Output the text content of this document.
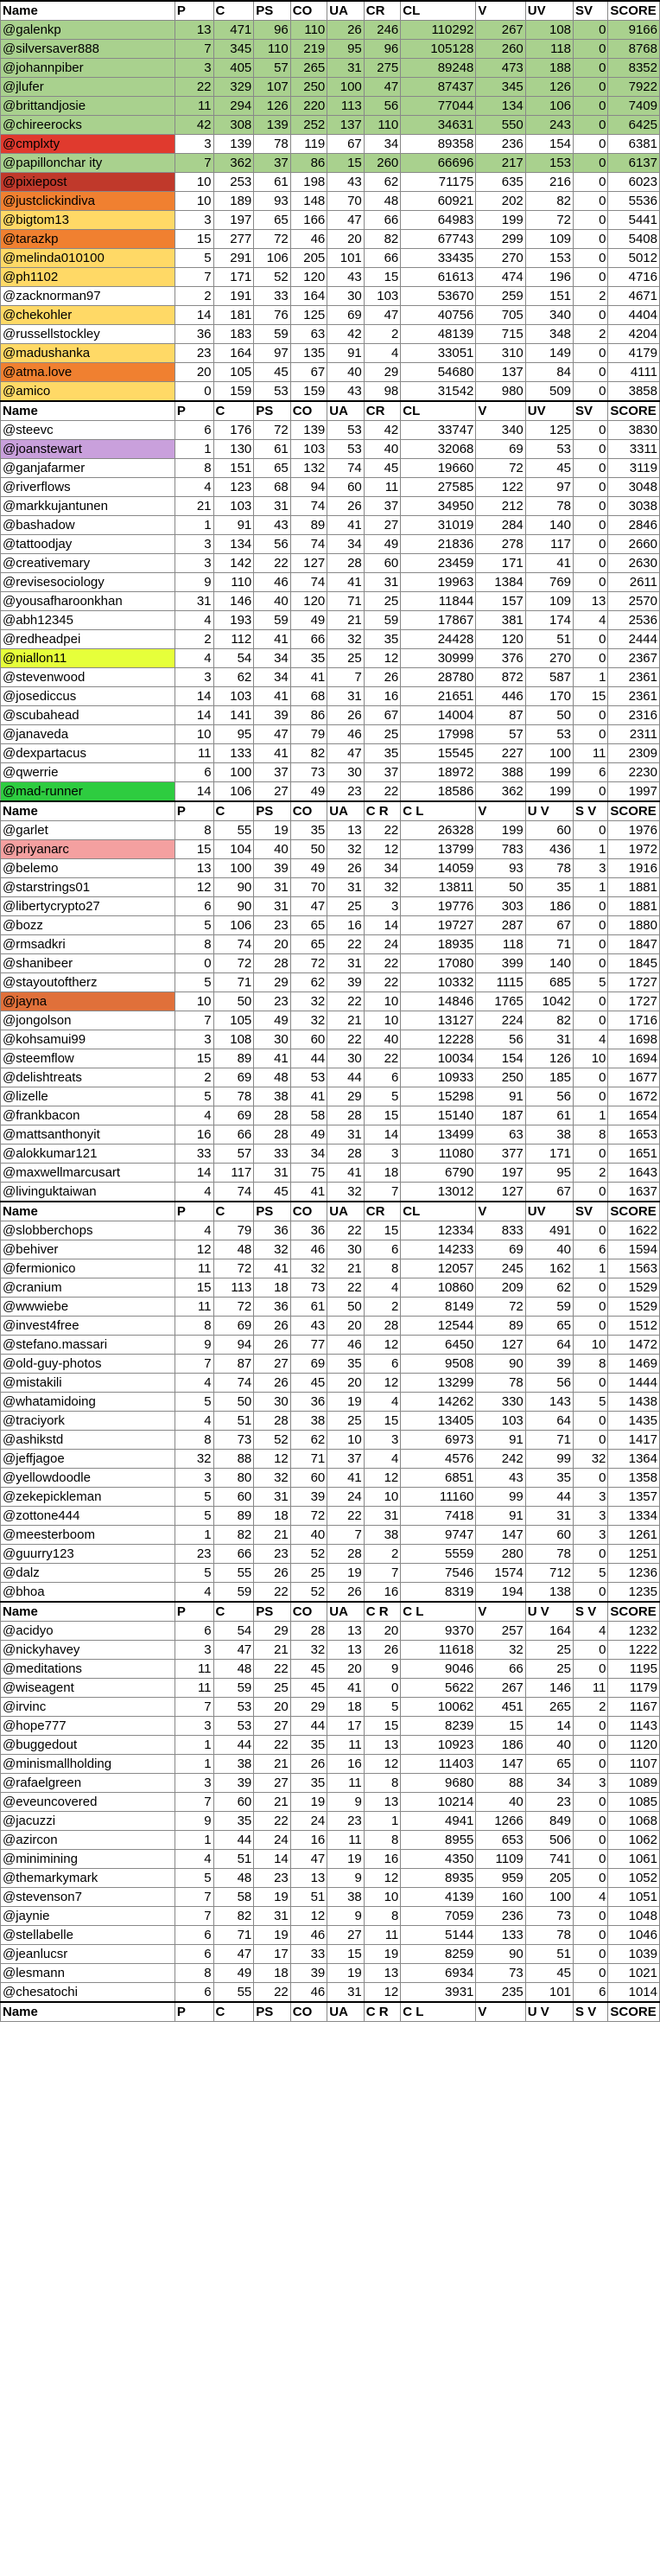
Name	P	C	PS	CO	UA	CR	CL	V	UV	SV	SCORE
@galenkp	13	471	96	110	26	246	110292	267	108	0	9166
@silversaver888	7	345	110	219	95	96	105128	260	118	0	8768
@johannpiber	3	405	57	265	31	275	89248	473	188	0	8352
@jlufer	22	329	107	250	100	47	87437	345	126	0	7922
@brittandjosie	11	294	126	220	113	56	77044	134	106	0	7409
@chireerocks	42	308	139	252	137	110	34631	550	243	0	6425
@cmplxty	3	139	78	119	67	34	89358	236	154	0	6381
@papillonchar ity	7	362	37	86	15	260	66696	217	153	0	6137
@pixiepost	10	253	61	198	43	62	71175	635	216	0	6023
@justclickindiva	10	189	93	148	70	48	60921	202	82	0	5536
@bigtom13	3	197	65	166	47	66	64983	199	72	0	5441
@tarazkp	15	277	72	46	20	82	67743	299	109	0	5408
@melinda010100	5	291	106	205	101	66	33435	270	153	0	5012
@ph1102	7	171	52	120	43	15	61613	474	196	0	4716
@zacknorman97	2	191	33	164	30	103	53670	259	151	2	4671
@chekohler	14	181	76	125	69	47	40756	705	340	0	4404
@russellstockley	36	183	59	63	42	2	48139	715	348	2	4204
@madushanka	23	164	97	135	91	4	33051	310	149	0	4179
@atma.love	20	105	45	67	40	29	54680	137	84	0	4111
@amico	0	159	53	159	43	98	31542	980	509	0	3858
Name	P	C	PS	CO	UA	CR	CL	V	UV	SV	SCORE
@steevc	6	176	72	139	53	42	33747	340	125	0	3830
@joanstewart	1	130	61	103	53	40	32068	69	53	0	3311
@ganjafarmer	8	151	65	132	74	45	19660	72	45	0	3119
@riverflows	4	123	68	94	60	11	27585	122	97	0	3048
@markkujantunen	21	103	31	74	26	37	34950	212	78	0	3038
@bashadow	1	91	43	89	41	27	31019	284	140	0	2846
@tattoodjay	3	134	56	74	34	49	21836	278	117	0	2660
@creativemary	3	142	22	127	28	60	23459	171	41	0	2630
@revisesociology	9	110	46	74	41	31	19963	1384	769	0	2611
@yousafharoonkhan	31	146	40	120	71	25	11844	157	109	13	2570
@abh12345	4	193	59	49	21	59	17867	381	174	4	2536
@redheadpei	2	112	41	66	32	35	24428	120	51	0	2444
@niallon11	4	54	34	35	25	12	30999	376	270	0	2367
@stevenwood	3	62	34	41	7	26	28780	872	587	1	2361
@josediccus	14	103	41	68	31	16	21651	446	170	15	2361
@scubahead	14	141	39	86	26	67	14004	87	50	0	2316
@janaveda	10	95	47	79	46	25	17998	57	53	0	2311
@dexpartacus	11	133	41	82	47	35	15545	227	100	11	2309
@qwerrie	6	100	37	73	30	37	18972	388	199	6	2230
@mad-runner	14	106	27	49	23	22	18586	362	199	0	1997
Name	P	C	PS	CO	UA	C R	C L	V	U V	S V	SCORE
@garlet	8	55	19	35	13	22	26328	199	60	0	1976
@priyanarc	15	104	40	50	32	12	13799	783	436	1	1972
@belemo	13	100	39	49	26	34	14059	93	78	3	1916
@starstrings01	12	90	31	70	31	32	13811	50	35	1	1881
@libertycrypto27	6	90	31	47	25	3	19776	303	186	0	1881
@bozz	5	106	23	65	16	14	19727	287	67	0	1880
@rmsadkri	8	74	20	65	22	24	18935	118	71	0	1847
@shanibeer	0	72	28	72	31	22	17080	399	140	0	1845
@stayoutoftherz	5	71	29	62	39	22	10332	1115	685	5	1727
@jayna	10	50	23	32	22	10	14846	1765	1042	0	1727
@jongolson	7	105	49	32	21	10	13127	224	82	0	1716
@kohsamui99	3	108	30	60	22	40	12228	56	31	4	1698
@steemflow	15	89	41	44	30	22	10034	154	126	10	1694
@delishtreats	2	69	48	53	44	6	10933	250	185	0	1677
@lizelle	5	78	38	41	29	5	15298	91	56	0	1672
@frankbacon	4	69	28	58	28	15	15140	187	61	1	1654
@mattsanthonyit	16	66	28	49	31	14	13499	63	38	8	1653
@alokkumar121	33	57	33	34	28	3	11080	377	171	0	1651
@maxwellmarcusart	14	117	31	75	41	18	6790	197	95	2	1643
@livinguktaiwan	4	74	45	41	32	7	13012	127	67	0	1637
Name	P	C	PS	CO	UA	CR	CL	V	UV	SV	SCORE
@slobberchops	4	79	36	36	22	15	12334	833	491	0	1622
@behiver	12	48	32	46	30	6	14233	69	40	6	1594
@fermionico	11	72	41	32	21	8	12057	245	162	1	1563
@cranium	15	113	18	73	22	4	10860	209	62	0	1529
@wwwiebe	11	72	36	61	50	2	8149	72	59	0	1529
@invest4free	8	69	26	43	20	28	12544	89	65	0	1512
@stefano.massari	9	94	26	77	46	12	6450	127	64	10	1472
@old-guy-photos	7	87	27	69	35	6	9508	90	39	8	1469
@mistakili	4	74	26	45	20	12	13299	78	56	0	1444
@whatamidoing	5	50	30	36	19	4	14262	330	143	5	1438
@traciyork	4	51	28	38	25	15	13405	103	64	0	1435
@ashikstd	8	73	52	62	10	3	6973	91	71	0	1417
@jeffjagoe	32	88	12	71	37	4	4576	242	99	32	1364
@yellowdoodle	3	80	32	60	41	12	6851	43	35	0	1358
@zekepickleman	5	60	31	39	24	10	11160	99	44	3	1357
@zottone444	5	89	18	72	22	31	7418	91	31	3	1334
@meesterboom	1	82	21	40	7	38	9747	147	60	3	1261
@guurry123	23	66	23	52	28	2	5559	280	78	0	1251
@dalz	5	55	26	25	19	7	7546	1574	712	5	1236
@bhoa	4	59	22	52	26	16	8319	194	138	0	1235
Name	P	C	PS	CO	UA	C R	C L	V	U V	S V	SCORE
@acidyo	6	54	29	28	13	20	9370	257	164	4	1232
@nickyhavey	3	47	21	32	13	26	11618	32	25	0	1222
@meditations	11	48	22	45	20	9	9046	66	25	0	1195
@wiseagent	11	59	25	45	41	0	5622	267	146	11	1179
@irvinc	7	53	20	29	18	5	10062	451	265	2	1167
@hope777	3	53	27	44	17	15	8239	15	14	0	1143
@buggedout	1	44	22	35	11	13	10923	186	40	0	1120
@minismallholding	1	38	21	26	16	12	11403	147	65	0	1107
@rafaelgreen	3	39	27	35	11	8	9680	88	34	3	1089
@eveuncovered	7	60	21	19	9	13	10214	40	23	0	1085
@jacuzzi	9	35	22	24	23	1	4941	1266	849	0	1068
@azircon	1	44	24	16	11	8	8955	653	506	0	1062
@minimining	4	51	14	47	19	16	4350	1109	741	0	1061
@themarkymark	5	48	23	13	9	12	8935	959	205	0	1052
@stevenson7	7	58	19	51	38	10	4139	160	100	4	1051
@jaynie	7	82	31	12	9	8	7059	236	73	0	1048
@stellabelle	6	71	19	46	27	11	5144	133	78	0	1046
@jeanlucsr	6	47	17	33	15	19	8259	90	51	0	1039
@lesmann	8	49	18	39	19	13	6934	73	45	0	1021
@chesatochi	6	55	22	46	31	12	3931	235	101	6	1014
Name	P	C	PS	CO	UA	C R	C L	V	U V	S V	SCORE
